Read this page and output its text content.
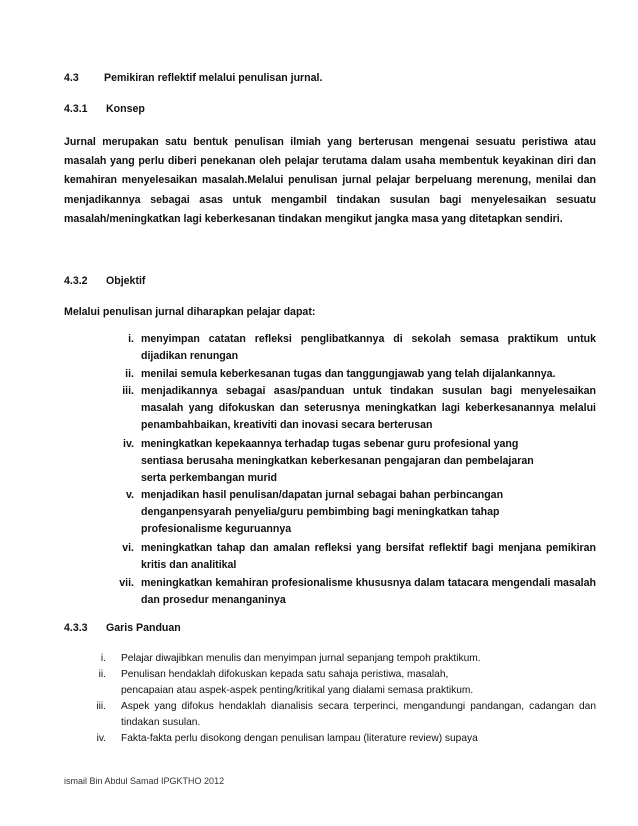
4.3 Pemikiran reflektif melalui penulisan jurnal.
4.3.1 Konsep

Jurnal merupakan satu bentuk penulisan ilmiah yang berterusan mengenai sesuatu peristiwa atau masalah yang perlu diberi penekanan oleh pelajar terutama dalam usaha membentuk keyakinan diri dan kemahiran menyelesaikan masalah.Melalui penulisan jurnal pelajar berpeluang merenung, menilai dan menjadikannya sebagai asas untuk mengambil tindakan susulan bagi menyelesaikan sesuatu masalah/meningkatkan lagi keberkesanan tindakan mengikut jangka masa yang ditetapkan sendiri.

4.3.2 Objektif
Melalui penulisan jurnal diharapkan pelajar dapat:
i. menyimpan catatan refleksi penglibatkannya di sekolah semasa praktikum untuk dijadikan renungan
ii. menilai semula keberkesanan tugas dan tanggungjawab yang telah dijalankannya.
iii. menjadikannya sebagai asas/panduan untuk tindakan susulan bagi menyelesaikan masalah yang difokuskan dan seterusnya meningkatkan lagi keberkesanannya melalui penambahbaikan, kreativiti dan inovasi secara berterusan
iv. meningkatkan kepekaannya terhadap tugas sebenar guru profesional yang
sentiasa berusaha meningkatkan keberkesanan pengajaran dan pembelajaran
serta perkembangan murid
v. menjadikan hasil penulisan/dapatan jurnal sebagai bahan perbincangan
denganpensyarah penyelia/guru pembimbing bagi meningkatkan tahap
profesionalisme keguruannya
vi. meningkatkan tahap dan amalan refleksi yang bersifat reflektif bagi menjana pemikiran kritis dan analitikal
vii. meningkatkan kemahiran profesionalisme khususnya dalam tatacara mengendali masalah dan prosedur menanganinya
4.3.3 Garis Panduan
i. Pelajar diwajibkan menulis dan menyimpan jurnal sepanjang tempoh praktikum.
ii. Penulisan hendaklah difokuskan kepada satu sahaja peristiwa, masalah,
pencapaian atau aspek-aspek penting/kritikal yang dialami semasa praktikum.
iii. Aspek yang difokus hendaklah dianalisis secara terperinci, mengandungi pandangan, cadangan dan tindakan susulan.
iv. Fakta-fakta perlu disokong dengan penulisan lampau (literature review) supaya
ismail Bin Abdul Samad IPGKTHO 2012
